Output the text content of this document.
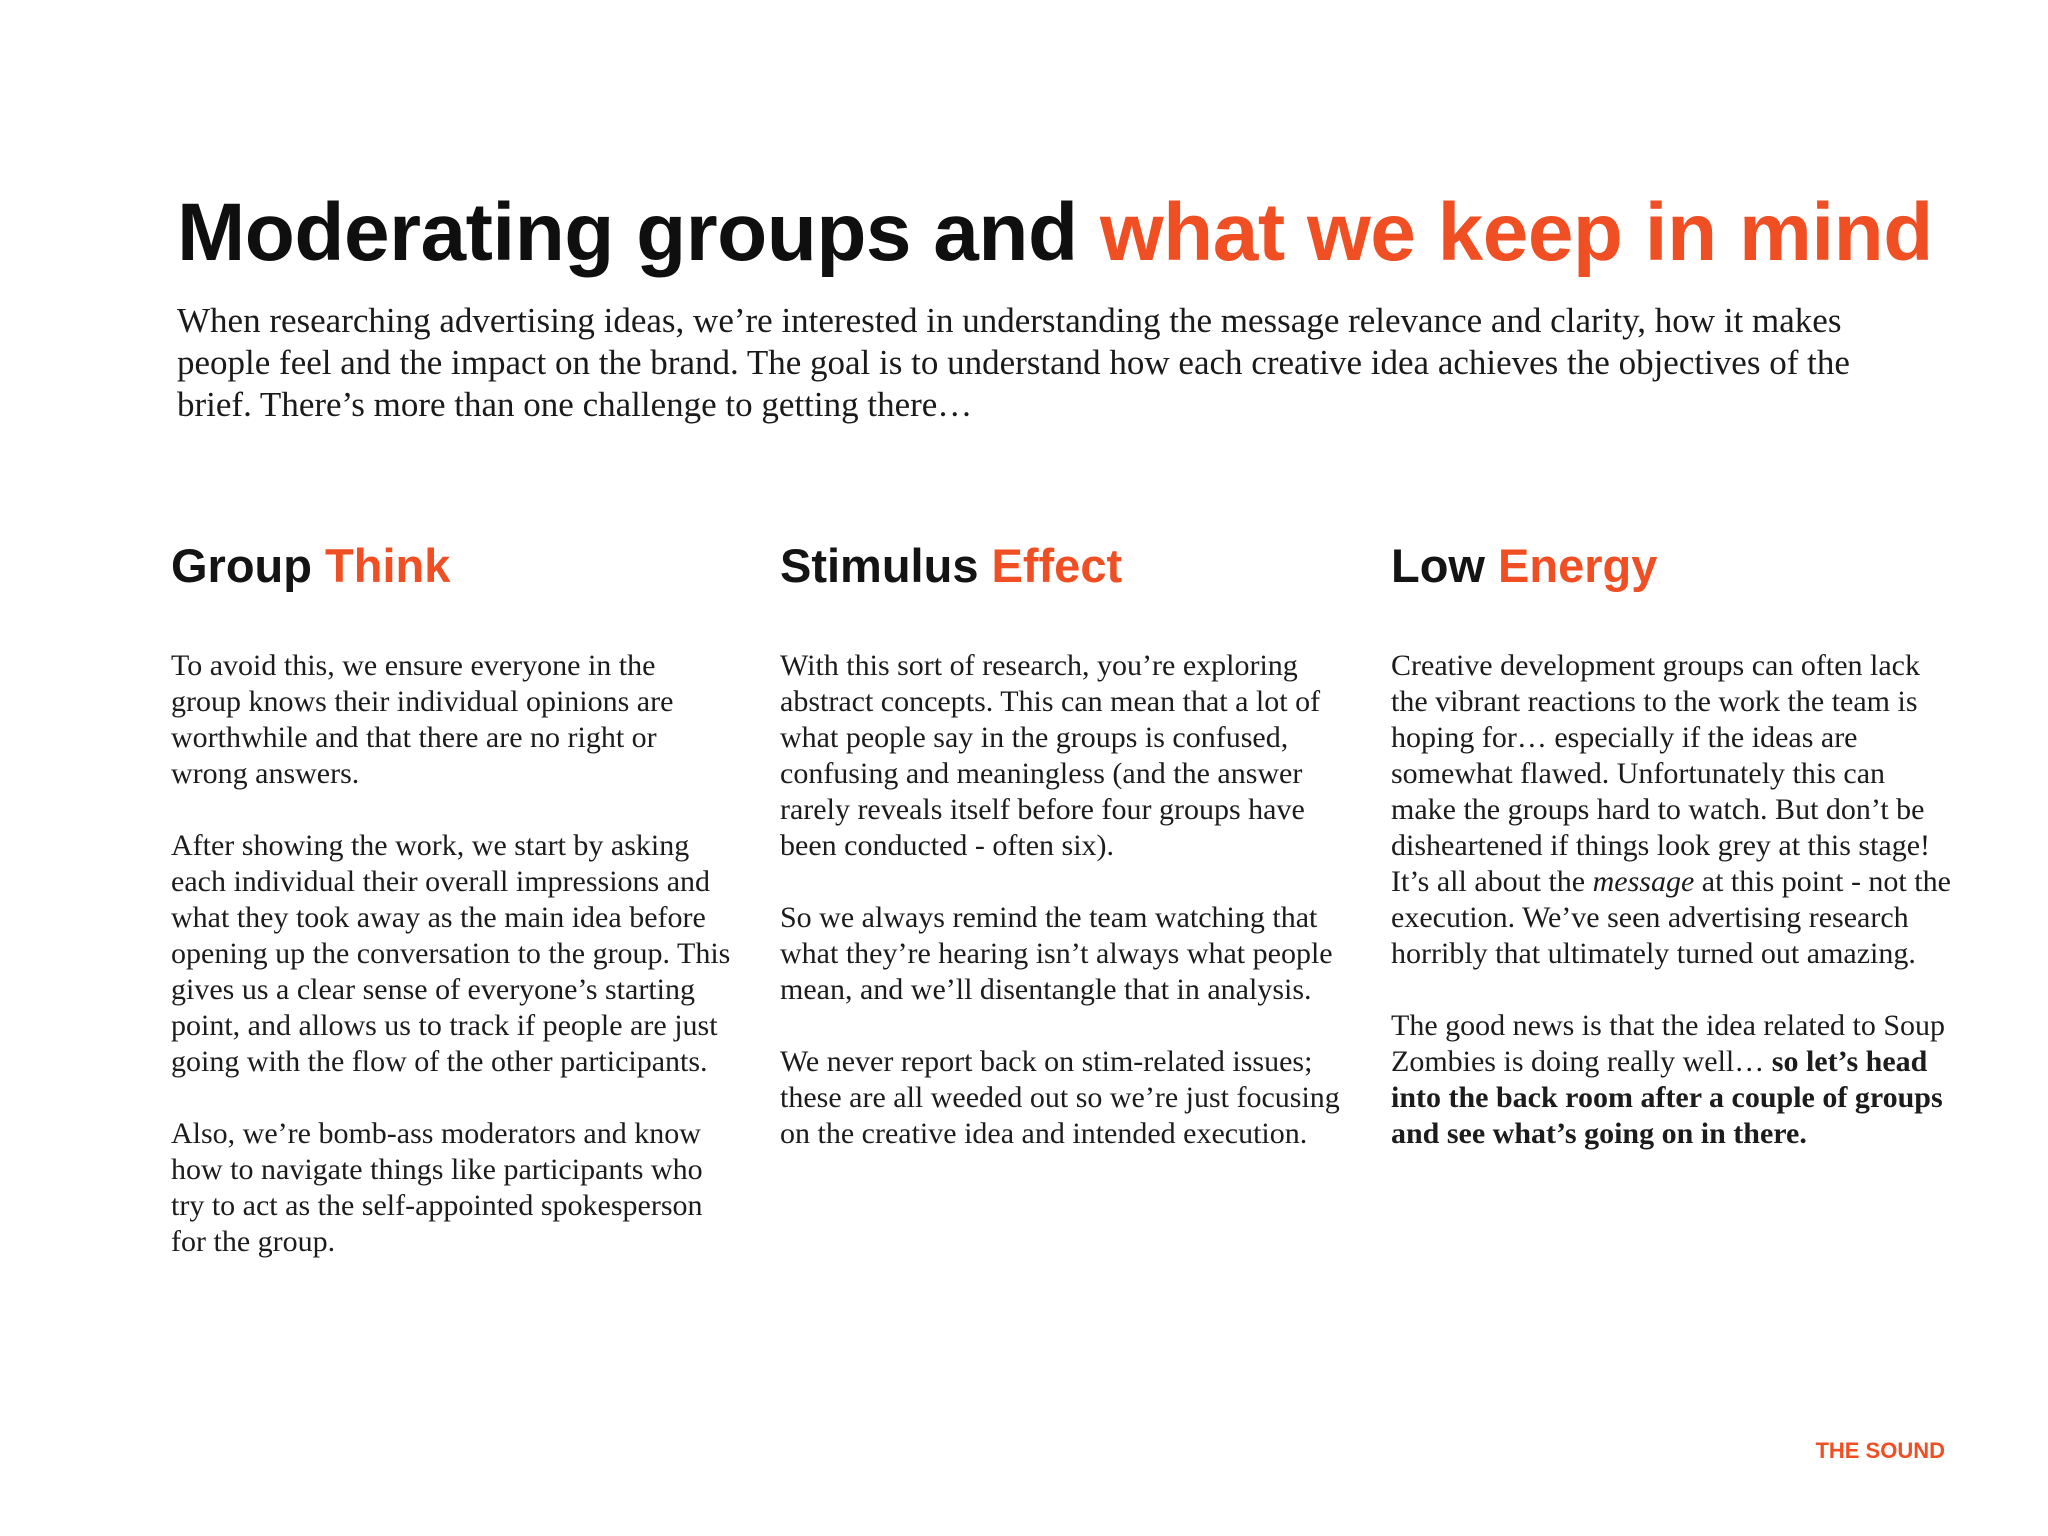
Moderating groups and what we keep in mind

When researching advertising ideas, we’re interested in understanding the message relevance and clarity, how it makes people feel and the impact on the brand. The goal is to understand how each creative idea achieves the objectives of the brief. There’s more than one challenge to getting there…

Group Think

To avoid this, we ensure everyone in the group knows their individual opinions are worthwhile and that there are no right or wrong answers.

After showing the work, we start by asking each individual their overall impressions and what they took away as the main idea before opening up the conversation to the group. This gives us a clear sense of everyone’s starting point, and allows us to track if people are just going with the flow of the other participants.

Also, we’re bomb-ass moderators and know how to navigate things like participants who try to act as the self-appointed spokesperson for the group.

Stimulus Effect

With this sort of research, you’re exploring abstract concepts. This can mean that a lot of what people say in the groups is confused, confusing and meaningless (and the answer rarely reveals itself before four groups have been conducted - often six).

So we always remind the team watching that what they’re hearing isn’t always what people mean, and we’ll disentangle that in analysis.

We never report back on stim-related issues; these are all weeded out so we’re just focusing on the creative idea and intended execution.

Low Energy

Creative development groups can often lack the vibrant reactions to the work the team is hoping for… especially if the ideas are somewhat flawed. Unfortunately this can make the groups hard to watch. But don’t be disheartened if things look grey at this stage! It’s all about the message at this point - not the execution. We’ve seen advertising research horribly that ultimately turned out amazing.

The good news is that the idea related to Soup Zombies is doing really well… so let’s head into the back room after a couple of groups and see what’s going on in there.

THE SOUND
